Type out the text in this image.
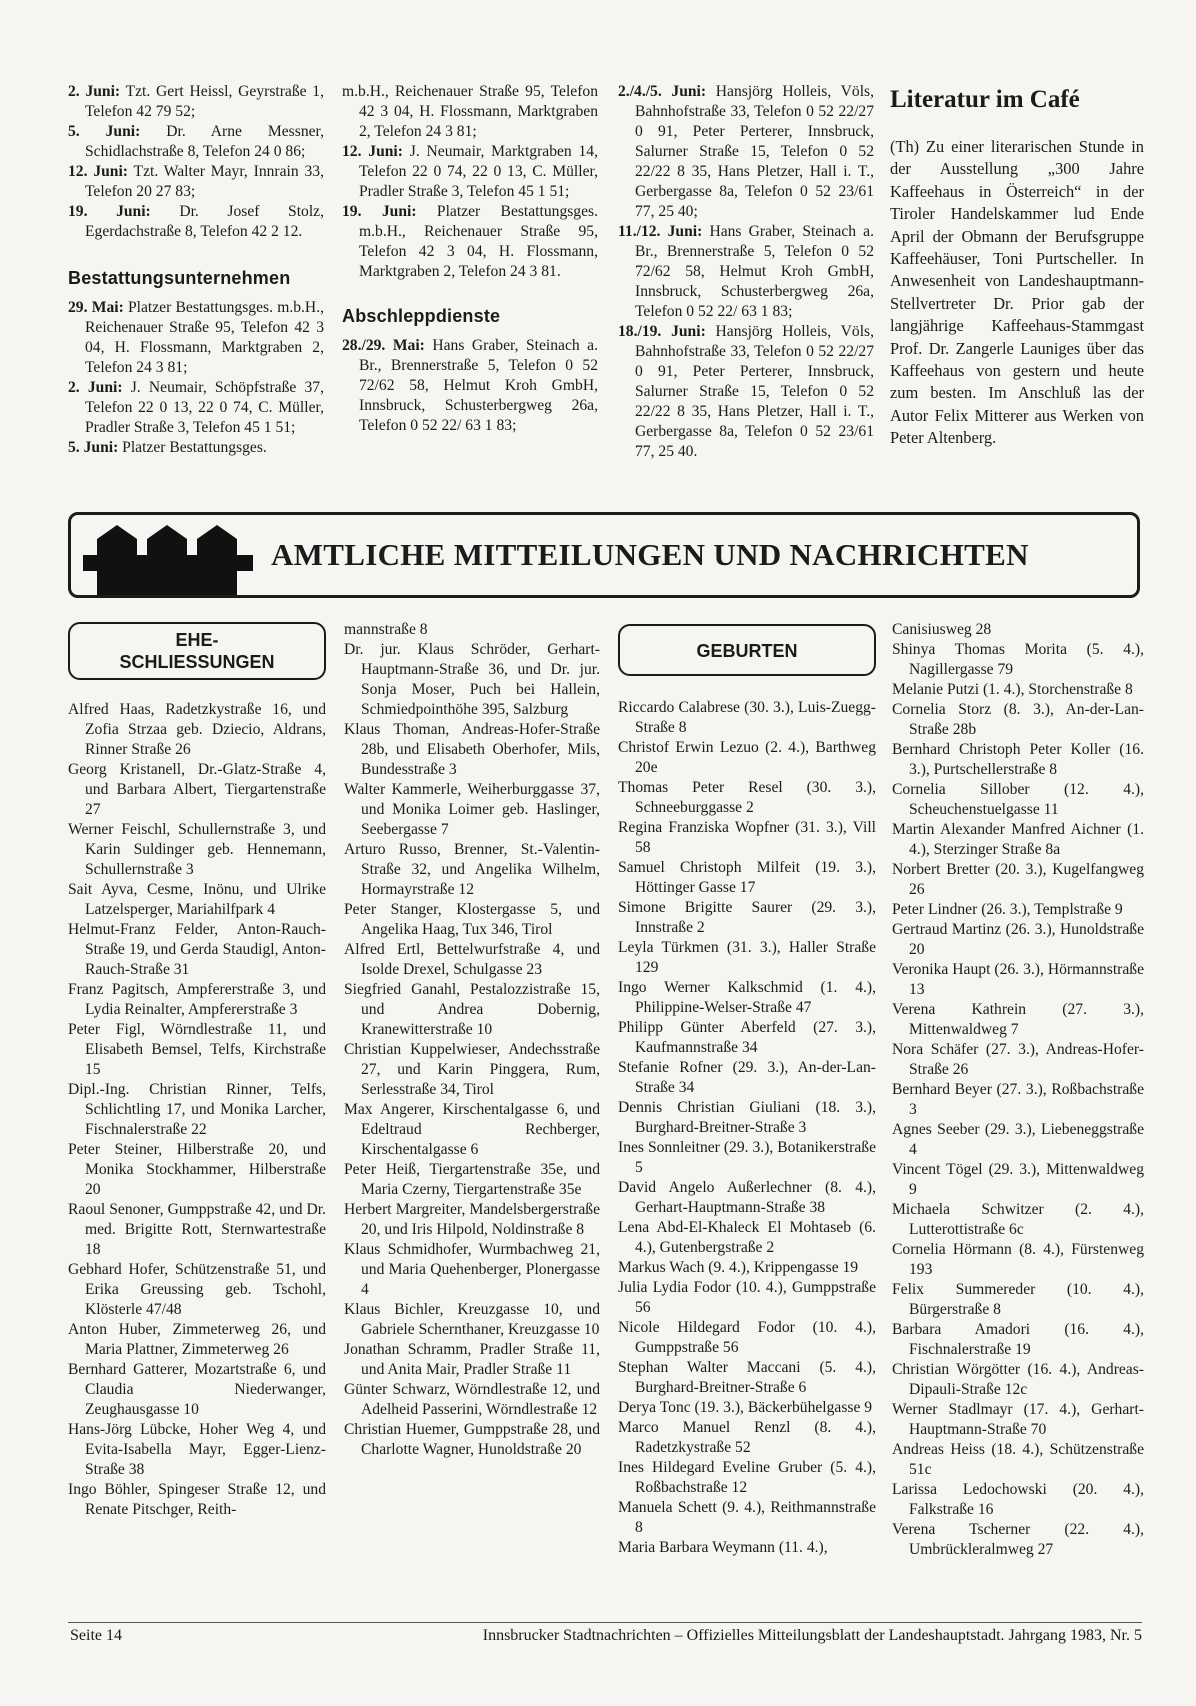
2. Juni: Tzt. Gert Heissl, Geyrstraße 1, Telefon 42 79 52;

5. Juni: Dr. Arne Messner, Schidlachstraße 8, Telefon 24 0 86;

12. Juni: Tzt. Walter Mayr, Innrain 33, Telefon 20 27 83;

19. Juni: Dr. Josef Stolz, Egerdachstraße 8, Telefon 42 2 12.

Bestattungsunternehmen

29. Mai: Platzer Bestattungsges. m.b.H., Reichenauer Straße 95, Telefon 42 3 04, H. Flossmann, Marktgraben 2, Telefon 24 3 81;

2. Juni: J. Neumair, Schöpfstraße 37, Telefon 22 0 13, 22 0 74, C. Müller, Pradler Straße 3, Telefon 45 1 51;

5. Juni: Platzer Bestattungsges.

m.b.H., Reichenauer Straße 95, Telefon 42 3 04, H. Flossmann, Marktgraben 2, Telefon 24 3 81;

12. Juni: J. Neumair, Marktgraben 14, Telefon 22 0 74, 22 0 13, C. Müller, Pradler Straße 3, Telefon 45 1 51;

19. Juni: Platzer Bestattungsges. m.b.H., Reichenauer Straße 95, Telefon 42 3 04, H. Flossmann, Marktgraben 2, Telefon 24 3 81.

Abschleppdienste

28./29. Mai: Hans Graber, Steinach a. Br., Brennerstraße 5, Telefon 0 52 72/62 58, Helmut Kroh GmbH, Innsbruck, Schusterbergweg 26a, Telefon 0 52 22/ 63 1 83;

2./4./5. Juni: Hansjörg Holleis, Völs, Bahnhofstraße 33, Telefon 0 52 22/27 0 91, Peter Perterer, Innsbruck, Salurner Straße 15, Telefon 0 52 22/22 8 35, Hans Pletzer, Hall i. T., Gerbergasse 8a, Telefon 0 52 23/61 77, 25 40;

11./12. Juni: Hans Graber, Steinach a. Br., Brennerstraße 5, Telefon 0 52 72/62 58, Helmut Kroh GmbH, Innsbruck, Schusterbergweg 26a, Telefon 0 52 22/ 63 1 83;

18./19. Juni: Hansjörg Holleis, Völs, Bahnhofstraße 33, Telefon 0 52 22/27 0 91, Peter Perterer, Innsbruck, Salurner Straße 15, Telefon 0 52 22/22 8 35, Hans Pletzer, Hall i. T., Gerbergasse 8a, Telefon 0 52 23/61 77, 25 40.

Literatur im Café

(Th) Zu einer literarischen Stunde in der Ausstellung „300 Jahre Kaffeehaus in Österreich“ in der Tiroler Handelskammer lud Ende April der Obmann der Berufsgruppe Kaffeehäuser, Toni Purtscheller. In Anwesenheit von Landeshauptmann-Stellvertreter Dr. Prior gab der langjährige Kaffeehaus-Stammgast Prof. Dr. Zangerle Launiges über das Kaffeehaus von gestern und heute zum besten. Im Anschluß las der Autor Felix Mitterer aus Werken von Peter Altenberg.

AMTLICHE MITTEILUNGEN UND NACHRICHTEN
EHE-
SCHLIESSUNGEN

Alfred Haas, Radetzkystraße 16, und Zofia Strzaa geb. Dziecio, Aldrans, Rinner Straße 26

Georg Kristanell, Dr.-Glatz-Straße 4, und Barbara Albert, Tiergartenstraße 27

Werner Feischl, Schullernstraße 3, und Karin Suldinger geb. Hennemann, Schullernstraße 3

Sait Ayva, Cesme, Inönu, und Ulrike Latzelsperger, Mariahilfpark 4

Helmut-Franz Felder, Anton-Rauch-Straße 19, und Gerda Staudigl, Anton-Rauch-Straße 31

Franz Pagitsch, Ampfererstraße 3, und Lydia Reinalter, Ampfererstraße 3

Peter Figl, Wörndlestraße 11, und Elisabeth Bemsel, Telfs, Kirchstraße 15

Dipl.-Ing. Christian Rinner, Telfs, Schlichtling 17, und Monika Larcher, Fischnalerstraße 22

Peter Steiner, Hilberstraße 20, und Monika Stockhammer, Hilberstraße 20

Raoul Senoner, Gumppstraße 42, und Dr. med. Brigitte Rott, Sternwartestraße 18

Gebhard Hofer, Schützenstraße 51, und Erika Greussing geb. Tschohl, Klösterle 47/48

Anton Huber, Zimmeterweg 26, und Maria Plattner, Zimmeterweg 26

Bernhard Gatterer, Mozartstraße 6, und Claudia Niederwanger, Zeughausgasse 10

Hans-Jörg Lübcke, Hoher Weg 4, und Evita-Isabella Mayr, Egger-Lienz-Straße 38

Ingo Böhler, Spingeser Straße 12, und Renate Pitschger, Reith-

mannstraße 8

Dr. jur. Klaus Schröder, Gerhart-Hauptmann-Straße 36, und Dr. jur. Sonja Moser, Puch bei Hallein, Schmiedpointhöhe 395, Salzburg

Klaus Thoman, Andreas-Hofer-Straße 28b, und Elisabeth Oberhofer, Mils, Bundesstraße 3

Walter Kammerle, Weiherburggasse 37, und Monika Loimer geb. Haslinger, Seebergasse 7

Arturo Russo, Brenner, St.-Valentin-Straße 32, und Angelika Wilhelm, Hormayrstraße 12

Peter Stanger, Klostergasse 5, und Angelika Haag, Tux 346, Tirol

Alfred Ertl, Bettelwurfstraße 4, und Isolde Drexel, Schulgasse 23

Siegfried Ganahl, Pestalozzistraße 15, und Andrea Dobernig, Kranewitterstraße 10

Christian Kuppelwieser, Andechsstraße 27, und Karin Pinggera, Rum, Serlesstraße 34, Tirol

Max Angerer, Kirschentalgasse 6, und Edeltraud Rechberger, Kirschentalgasse 6

Peter Heiß, Tiergartenstraße 35e, und Maria Czerny, Tiergartenstraße 35e

Herbert Margreiter, Mandelsbergerstraße 20, und Iris Hilpold, Noldinstraße 8

Klaus Schmidhofer, Wurmbachweg 21, und Maria Quehenberger, Plonergasse 4

Klaus Bichler, Kreuzgasse 10, und Gabriele Schernthaner, Kreuzgasse 10

Jonathan Schramm, Pradler Straße 11, und Anita Mair, Pradler Straße 11

Günter Schwarz, Wörndlestraße 12, und Adelheid Passerini, Wörndlestraße 12

Christian Huemer, Gumppstraße 28, und Charlotte Wagner, Hunoldstraße 20

GEBURTEN

Riccardo Calabrese (30. 3.), Luis-Zuegg-Straße 8

Christof Erwin Lezuo (2. 4.), Barthweg 20e

Thomas Peter Resel (30. 3.), Schneeburggasse 2

Regina Franziska Wopfner (31. 3.), Vill 58

Samuel Christoph Milfeit (19. 3.), Höttinger Gasse 17

Simone Brigitte Saurer (29. 3.), Innstraße 2

Leyla Türkmen (31. 3.), Haller Straße 129

Ingo Werner Kalkschmid (1. 4.), Philippine-Welser-Straße 47

Philipp Günter Aberfeld (27. 3.), Kaufmannstraße 34

Stefanie Rofner (29. 3.), An-der-Lan-Straße 34

Dennis Christian Giuliani (18. 3.), Burghard-Breitner-Straße 3

Ines Sonnleitner (29. 3.), Botanikerstraße 5

David Angelo Außerlechner (8. 4.), Gerhart-Hauptmann-Straße 38

Lena Abd-El-Khaleck El Mohtaseb (6. 4.), Gutenbergstraße 2

Markus Wach (9. 4.), Krippengasse 19

Julia Lydia Fodor (10. 4.), Gumppstraße 56

Nicole Hildegard Fodor (10. 4.), Gumppstraße 56

Stephan Walter Maccani (5. 4.), Burghard-Breitner-Straße 6

Derya Tonc (19. 3.), Bäckerbühelgasse 9

Marco Manuel Renzl (8. 4.), Radetzkystraße 52

Ines Hildegard Eveline Gruber (5. 4.), Roßbachstraße 12

Manuela Schett (9. 4.), Reithmannstraße 8

Maria Barbara Weymann (11. 4.),

Canisiusweg 28

Shinya Thomas Morita (5. 4.), Nagillergasse 79

Melanie Putzi (1. 4.), Storchenstraße 8

Cornelia Storz (8. 3.), An-der-Lan-Straße 28b

Bernhard Christoph Peter Koller (16. 3.), Purtschellerstraße 8

Cornelia Sillober (12. 4.), Scheuchenstuelgasse 11

Martin Alexander Manfred Aichner (1. 4.), Sterzinger Straße 8a

Norbert Bretter (20. 3.), Kugelfangweg 26

Peter Lindner (26. 3.), Templstraße 9

Gertraud Martinz (26. 3.), Hunoldstraße 20

Veronika Haupt (26. 3.), Hörmannstraße 13

Verena Kathrein (27. 3.), Mittenwaldweg 7

Nora Schäfer (27. 3.), Andreas-Hofer-Straße 26

Bernhard Beyer (27. 3.), Roßbachstraße 3

Agnes Seeber (29. 3.), Liebeneggstraße 4

Vincent Tögel (29. 3.), Mittenwaldweg 9

Michaela Schwitzer (2. 4.), Lutterottistraße 6c

Cornelia Hörmann (8. 4.), Fürstenweg 193

Felix Summereder (10. 4.), Bürgerstraße 8

Barbara Amadori (16. 4.), Fischnalerstraße 19

Christian Wörgötter (16. 4.), Andreas-Dipauli-Straße 12c

Werner Stadlmayr (17. 4.), Gerhart-Hauptmann-Straße 70

Andreas Heiss (18. 4.), Schützenstraße 51c

Larissa Ledochowski (20. 4.), Falkstraße 16

Verena Tscherner (22. 4.), Umbrückleralmweg 27

Seite 14	Innsbrucker Stadtnachrichten – Offizielles Mitteilungsblatt der Landeshauptstadt. Jahrgang 1983, Nr. 5
